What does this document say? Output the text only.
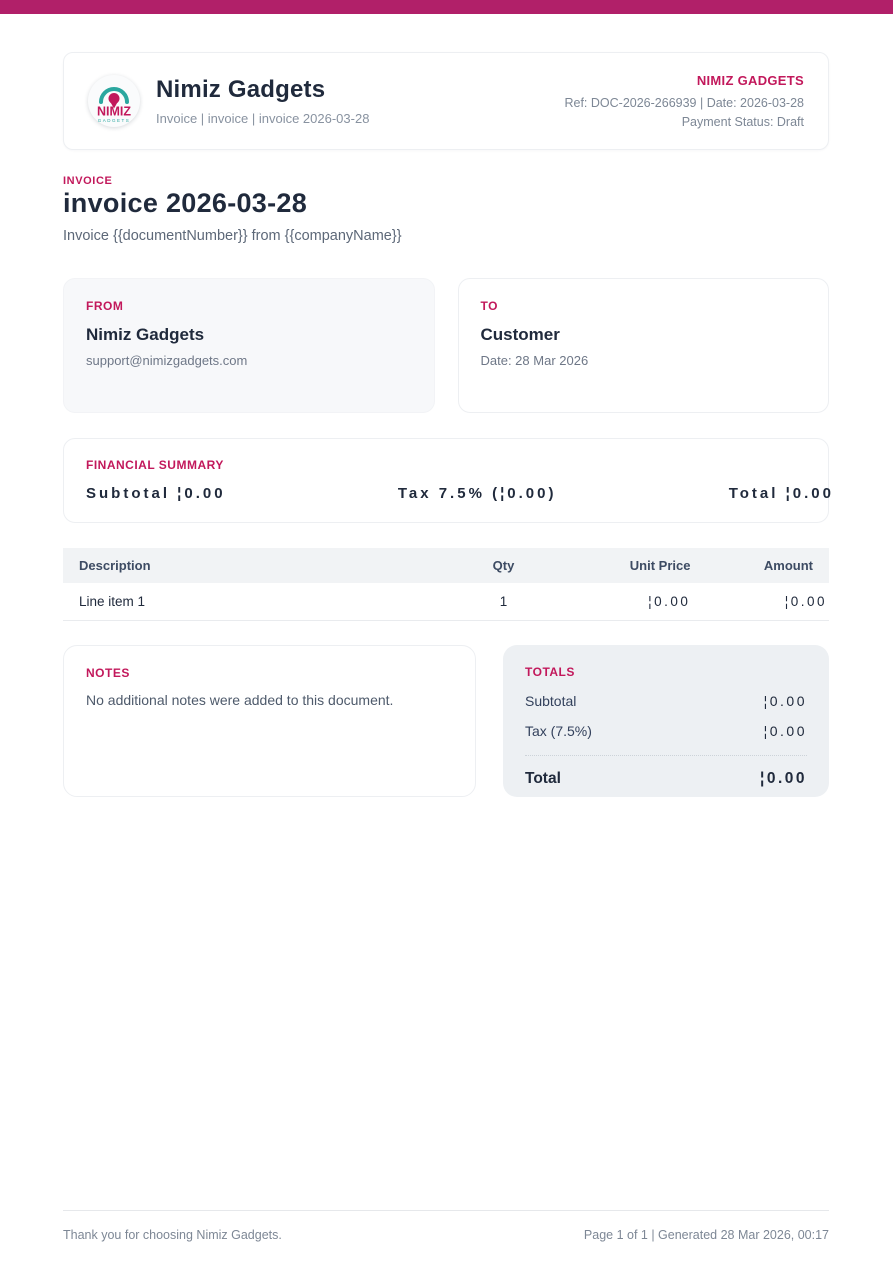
NIMIZ
GADGETS
Nimiz Gadgets
Invoice | invoice | invoice 2026-03-28
NIMIZ GADGETS
Ref: DOC-2026-266939 | Date: 2026-03-28
Payment Status: Draft
INVOICE
invoice 2026-03-28
Invoice {{documentNumber}} from {{companyName}}
FROM
Nimiz Gadgets
support@nimizgadgets.com
TO
Customer
Date: 28 Mar 2026
FINANCIAL SUMMARY
Subtotal ¦0.00	Tax 7.5% (¦0.00)	Total ¦0.00
Description	Qty	Unit Price	Amount
Line item 1	1	¦0.00	¦0.00
NOTES
No additional notes were added to this document.
TOTALS
Subtotal	¦0.00
Tax (7.5%)	¦0.00
Total	¦0.00
Thank you for choosing Nimiz Gadgets.	Page 1 of 1 | Generated 28 Mar 2026, 00:17
